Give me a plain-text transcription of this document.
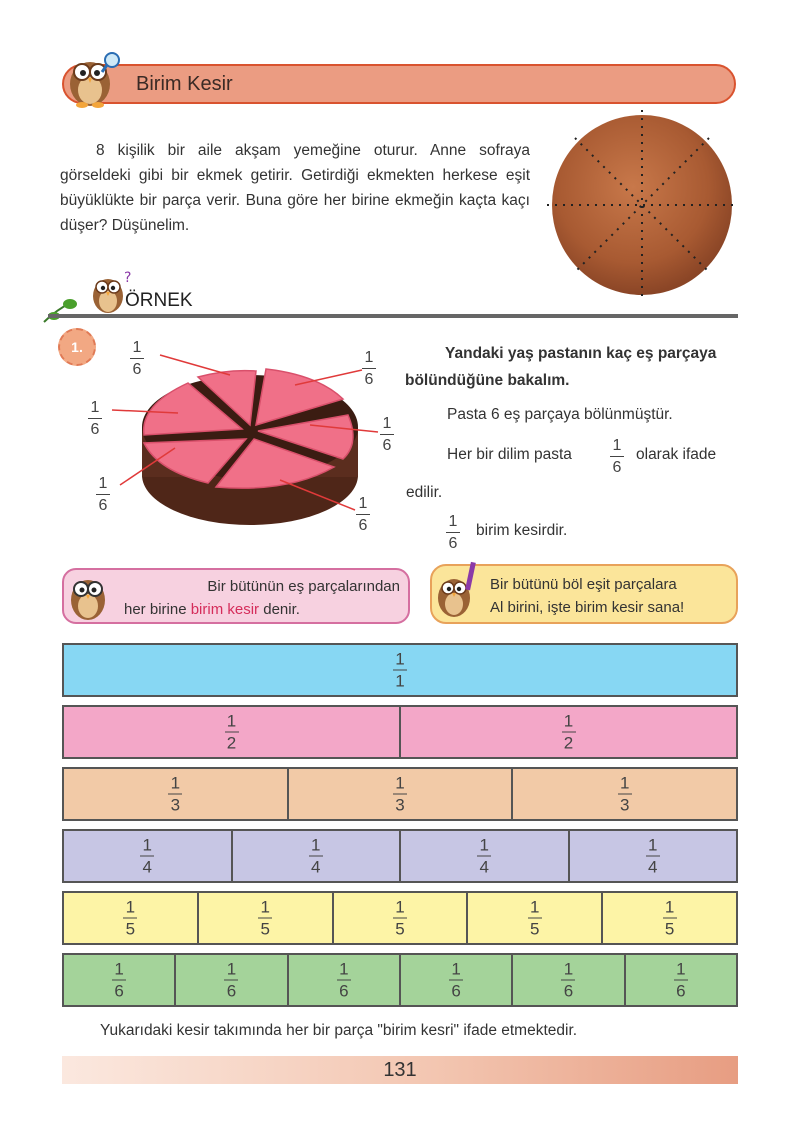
Birim Kesir
8 kişilik bir aile akşam yemeğine oturur. Anne sofraya görseldeki gibi bir ekmek getirir. Getirdiği ekmekten herkese eşit büyüklükte bir parça verir. Buna göre her birine ekmeğin kaçta kaçı düşer? Düşünelim.
?
ÖRNEK
1.	1
6
1
6
1
6	1
6
1
6	1
6
Yandaki yaş pastanın kaç eş parçaya bölündüğüne bakalım.
Pasta 6 eş parçaya bölünmüştür.
Her bir dilim pasta
1
6
olarak ifade
edilir.
1
6
birim kesirdir.
Bir bütünün eş parçalarından
her birine birim kesir denir.
Bir bütünü böl eşit parçalara
Al birini, işte birim kesir sana!
1
1
1
2
1
2
1
3
1
3
1
3
1
4
1
4
1
4
1
4
1
5
1
5
1
5
1
5
1
5
1
6
1
6
1
6
1
6
1
6
1
6
Yukarıdaki kesir takımında her bir parça "birim kesri" ifade etmektedir.
131
